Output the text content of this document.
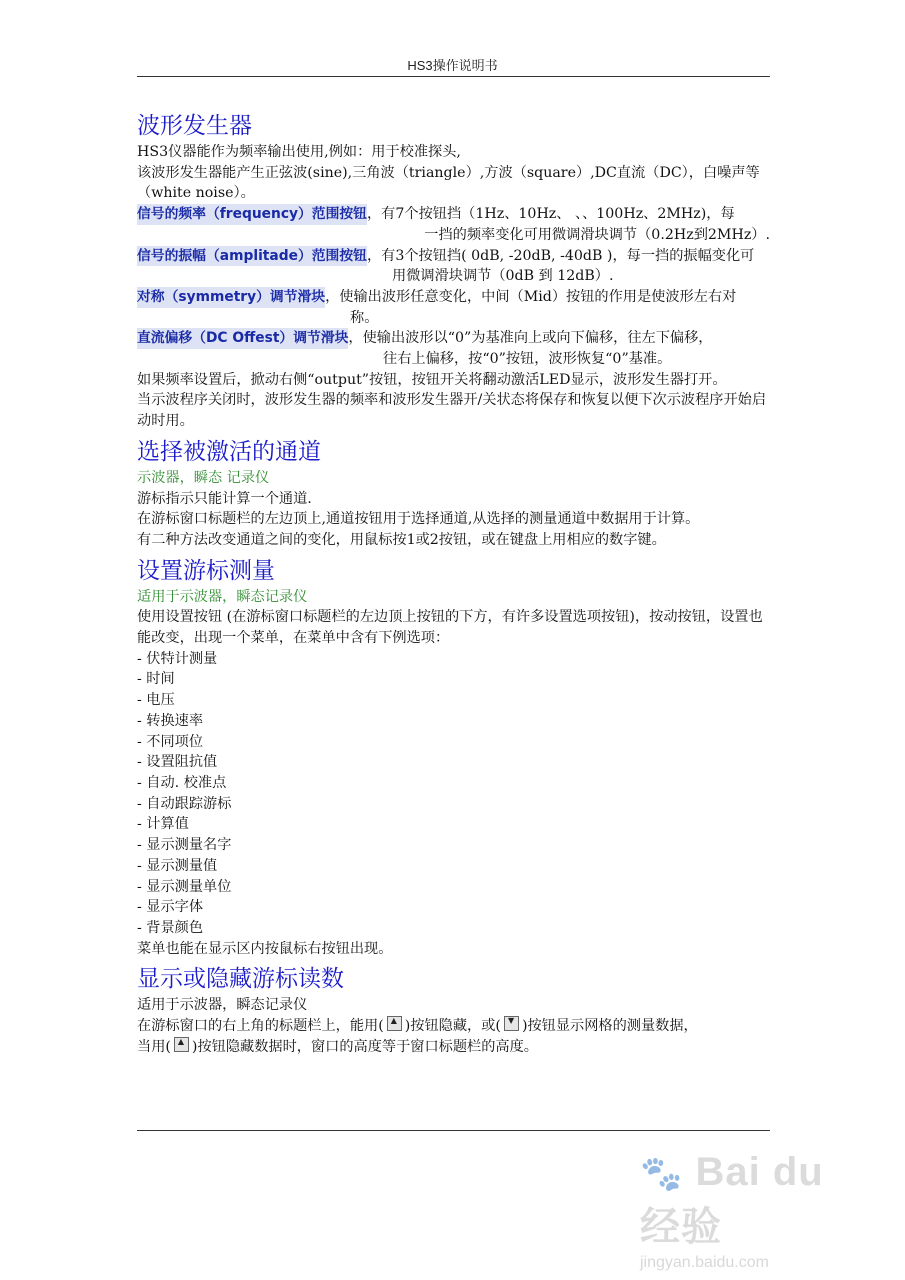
HS3操作说明书
波形发生器

HS3仪器能作为频率输出使用,例如：用于校准探头,

该波形发生器能产生正弦波(sine),三角波（triangle）,方波（square）,DC直流（DC），白噪声等（white noise）。

信号的频率（frequency）范围按钮 ，有7个按钮挡（1Hz、10Hz、 、、100Hz、2MHz)，每

一挡的频率变化可用微调滑块调节（0.2Hz到2MHz）.

信号的振幅（amplitade）范围按钮 ，有3个按钮挡( 0dB, -20dB, -40dB )，每一挡的振幅变化可

用微调滑块调节（0dB 到 12dB）.

对称（symmetry）调节滑块 ，使输出波形任意变化，中间（Mid）按钮的作用是使波形左右对

称。

直流偏移（DC Offest）调节滑块 ，使输出波形以“0”为基准向上或向下偏移，往左下偏移，

往右上偏移，按“0”按钮，波形恢复“0”基准。

如果频率设置后，掀动右侧“output”按钮，按钮开关将翻动激活LED显示，波形发生器打开。

当示波程序关闭时，波形发生器的频率和波形发生器开/关状态将保存和恢复以便下次示波程序开始启动时用。

选择被激活的通道

示波器，瞬态 记录仪

游标指示只能计算一个通道.

在游标窗口标题栏的左边顶上,通道按钮用于选择通道,从选择的测量通道中数据用于计算。

有二种方法改变通道之间的变化，用鼠标按1或2按钮，或在键盘上用相应的数字键。

设置游标测量

适用于示波器，瞬态记录仪

使用设置按钮 (在游标窗口标题栏的左边顶上按钮的下方，有许多设置选项按钮)，按动按钮，设置也能改变，出现一个菜单，在菜单中含有下例选项：

- 伏特计测量
- 时间
- 电压
- 转换速率
- 不同项位
- 设置阻抗值
- 自动. 校准点
- 自动跟踪游标
- 计算值
- 显示测量名字
- 显示测量值
- 显示测量单位
- 显示字体
- 背景颜色

菜单也能在显示区内按鼠标右按钮出现。

显示或隐藏游标读数

适用于示波器，瞬态记录仪

在游标窗口的右上角的标题栏上，能用( ▲ )按钮隐藏，或( ▼ )按钮显示网格的测量数据，

当用( ▲ )按钮隐藏数据时，窗口的高度等于窗口标题栏的高度。

🐾 Bai du 经验
jingyan.baidu.com
